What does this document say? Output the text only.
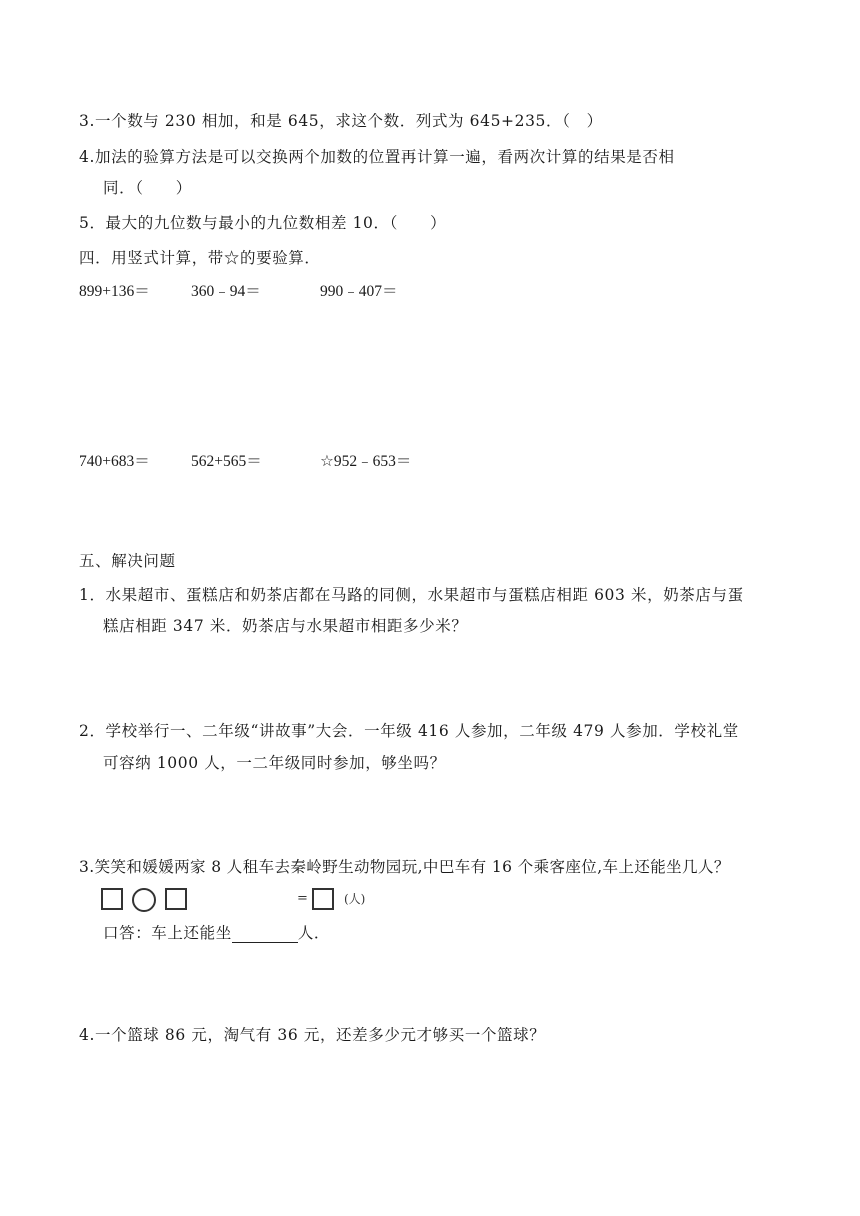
3.一个数与 230 相加，和是 645，求这个数．列式为 645+235．（　）
4.加法的验算方法是可以交换两个加数的位置再计算一遍，看两次计算的结果是否相
同．（　　）
5．最大的九位数与最小的九位数相差 10．（　　）
四．用竖式计算，带☆的要验算．
899+136＝	360﹣94＝	990﹣407＝
740+683＝	562+565＝	☆952﹣653＝
五、解决问题
1．水果超市、蛋糕店和奶茶店都在马路的同侧，水果超市与蛋糕店相距 603 米，奶茶店与蛋
糕店相距 347 米．奶茶店与水果超市相距多少米？
2．学校举行一、二年级“讲故事”大会．一年级 416 人参加，二年级 479 人参加．学校礼堂
可容纳 1000 人，一二年级同时参加，够坐吗？
3.笑笑和媛媛两家 8 人租车去秦岭野生动物园玩,中巴车有 16 个乘客座位,车上还能坐几人？
=	(人)
口答：车上还能坐	人．
4.一个篮球 86 元，淘气有 36 元，还差多少元才够买一个篮球？
